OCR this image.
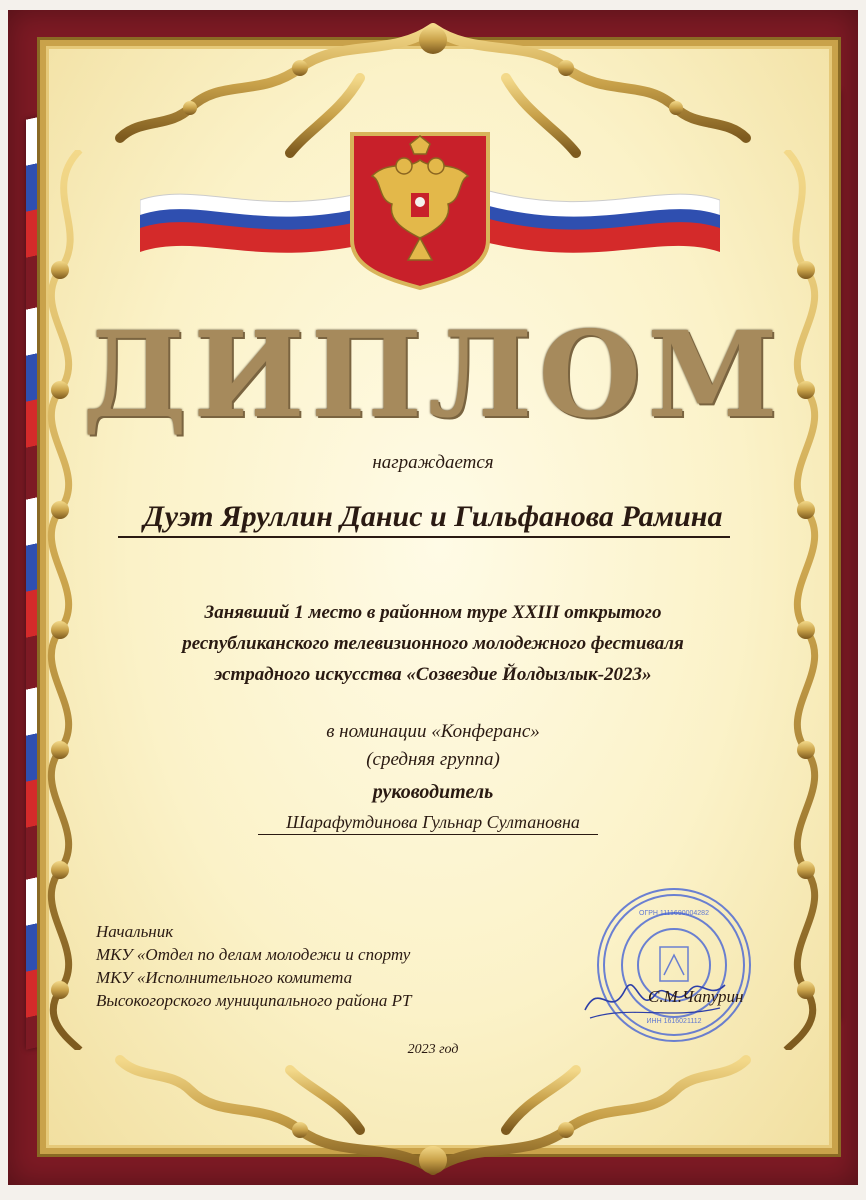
ДИПЛОМ
награждается
Дуэт Яруллин Данис и Гильфанова Рамина
Занявший 1 место в районном туре XXIII открытого
республиканского телевизионного молодежного фестиваля
эстрадного искусства «Созвездие Йолдызлык-2023»
в номинации «Конферанс»
(средняя группа)
руководитель
Шарафутдинова Гульнар Султановна
Начальник
МКУ «Отдел по делам молодежи и спорту
МКУ «Исполнительного комитета
Высокогорского муниципального района РТ
ОГРН 1111690004282
ИНН 1616021112
С.М.Чапурин
2023 год
